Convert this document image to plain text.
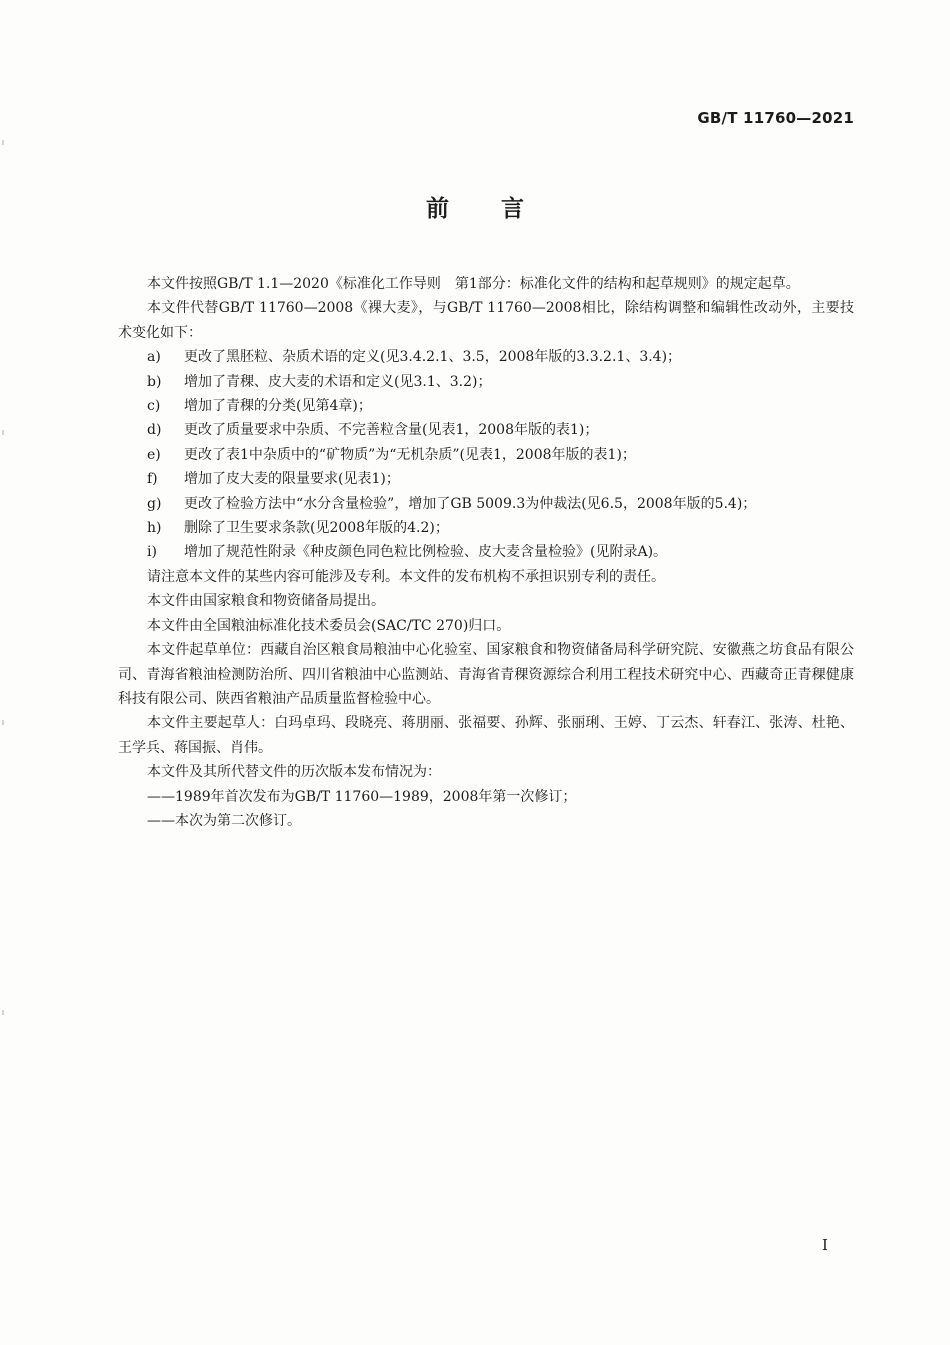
GB/T 11760—2021
前言

本文件按照GB/T 1.1—2020《标准化工作导则　第1部分：标准化文件的结构和起草规则》的规定起草。

本文件代替GB/T 11760—2008《裸大麦》，与GB/T 11760—2008相比，除结构调整和编辑性改动外，主要技术变化如下：

a)	更改了黑胚粒、杂质术语的定义(见3.4.2.1、3.5，2008年版的3.3.2.1、3.4)；
b)	增加了青稞、皮大麦的术语和定义(见3.1、3.2)；
c)	增加了青稞的分类(见第4章)；
d)	更改了质量要求中杂质、不完善粒含量(见表1，2008年版的表1)；
e)	更改了表1中杂质中的“矿物质”为“无机杂质”(见表1，2008年版的表1)；
f)	增加了皮大麦的限量要求(见表1)；
g)	更改了检验方法中“水分含量检验”，增加了GB 5009.3为仲裁法(见6.5，2008年版的5.4)；
h)	删除了卫生要求条款(见2008年版的4.2)；
i)	增加了规范性附录《种皮颜色同色粒比例检验、皮大麦含量检验》(见附录A)。

请注意本文件的某些内容可能涉及专利。本文件的发布机构不承担识别专利的责任。

本文件由国家粮食和物资储备局提出。

本文件由全国粮油标准化技术委员会(SAC/TC 270)归口。

本文件起草单位：西藏自治区粮食局粮油中心化验室、国家粮食和物资储备局科学研究院、安徽燕之坊食品有限公司、青海省粮油检测防治所、四川省粮油中心监测站、青海省青稞资源综合利用工程技术研究中心、西藏奇正青稞健康科技有限公司、陕西省粮油产品质量监督检验中心。

本文件主要起草人：白玛卓玛、段晓亮、蒋朋丽、张福要、孙辉、张丽琍、王婷、丁云杰、轩春江、张涛、杜艳、王学兵、蒋国振、肖伟。

本文件及其所代替文件的历次版本发布情况为：

——1989年首次发布为GB/T 11760—1989，2008年第一次修订；

——本次为第二次修订。

I
